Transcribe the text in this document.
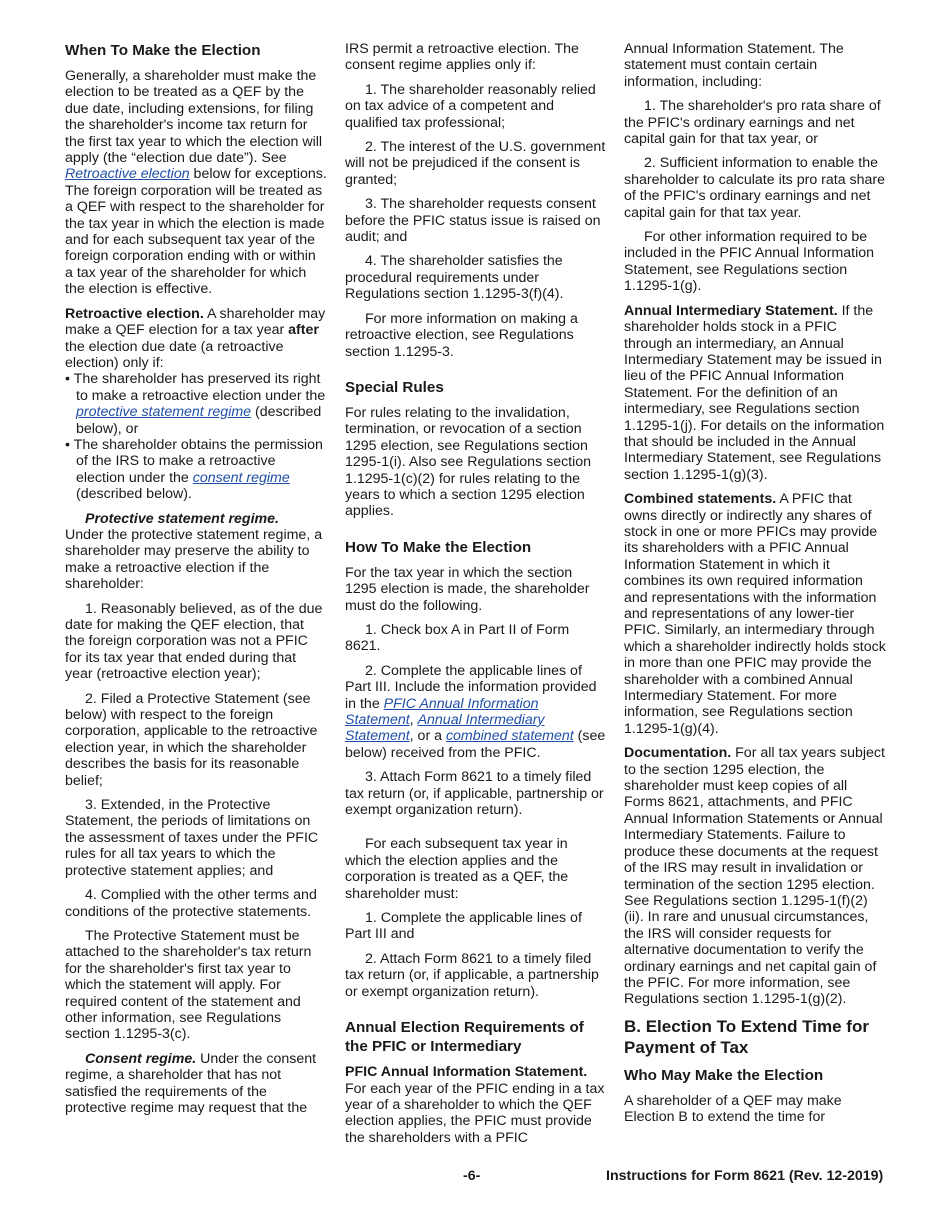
When To Make the Election

Generally, a shareholder must make the election to be treated as a QEF by the due date, including extensions, for filing the shareholder's income tax return for the first tax year to which the election will apply (the “election due date”). See Retroactive election below for exceptions. The foreign corporation will be treated as a QEF with respect to the shareholder for the tax year in which the election is made and for each subsequent tax year of the foreign corporation ending with or within a tax year of the shareholder for which the election is effective.

Retroactive election. A shareholder may make a QEF election for a tax year after the election due date (a retroactive election) only if:

• The shareholder has preserved its right to make a retroactive election under the protective statement regime (described below), or

• The shareholder obtains the permission of the IRS to make a retroactive election under the consent regime (described below).

Protective statement regime.
Under the protective statement regime, a shareholder may preserve the ability to make a retroactive election if the shareholder:

1. Reasonably believed, as of the due date for making the QEF election, that the foreign corporation was not a PFIC for its tax year that ended during that year (retroactive election year);

2. Filed a Protective Statement (see below) with respect to the foreign corporation, applicable to the retroactive election year, in which the shareholder describes the basis for its reasonable belief;

3. Extended, in the Protective Statement, the periods of limitations on the assessment of taxes under the PFIC rules for all tax years to which the protective statement applies; and

4. Complied with the other terms and conditions of the protective statements.

The Protective Statement must be attached to the shareholder's tax return for the shareholder's first tax year to which the statement will apply. For required content of the statement and other information, see Regulations section 1.1295-3(c).

Consent regime. Under the consent regime, a shareholder that has not satisfied the requirements of the protective regime may request that the

IRS permit a retroactive election. The consent regime applies only if:

1. The shareholder reasonably relied on tax advice of a competent and qualified tax professional;

2. The interest of the U.S. government will not be prejudiced if the consent is granted;

3. The shareholder requests consent before the PFIC status issue is raised on audit; and

4. The shareholder satisfies the procedural requirements under Regulations section 1.1295-3(f)(4).

For more information on making a retroactive election, see Regulations section 1.1295-3.

Special Rules

For rules relating to the invalidation, termination, or revocation of a section 1295 election, see Regulations section 1295-1(i). Also see Regulations section 1.1295-1(c)(2) for rules relating to the years to which a section 1295 election applies.

How To Make the Election

For the tax year in which the section 1295 election is made, the shareholder must do the following.

1. Check box A in Part II of Form 8621.

2. Complete the applicable lines of Part III. Include the information provided in the PFIC Annual Information Statement, Annual Intermediary Statement, or a combined statement (see below) received from the PFIC.

3. Attach Form 8621 to a timely filed tax return (or, if applicable, partnership or exempt organization return).

For each subsequent tax year in which the election applies and the corporation is treated as a QEF, the shareholder must:

1. Complete the applicable lines of Part III and

2. Attach Form 8621 to a timely filed tax return (or, if applicable, a partnership or exempt organization return).

Annual Election Requirements of the PFIC or Intermediary

PFIC Annual Information Statement.
For each year of the PFIC ending in a tax year of a shareholder to which the QEF election applies, the PFIC must provide the shareholders with a PFIC

Annual Information Statement. The statement must contain certain information, including:

1. The shareholder's pro rata share of the PFIC's ordinary earnings and net capital gain for that tax year, or

2. Sufficient information to enable the shareholder to calculate its pro rata share of the PFIC's ordinary earnings and net capital gain for that tax year.

For other information required to be included in the PFIC Annual Information Statement, see Regulations section 1.1295-1(g).

Annual Intermediary Statement. If the shareholder holds stock in a PFIC through an intermediary, an Annual Intermediary Statement may be issued in lieu of the PFIC Annual Information Statement. For the definition of an intermediary, see Regulations section 1.1295-1(j). For details on the information that should be included in the Annual Intermediary Statement, see Regulations section 1.1295-1(g)(3).

Combined statements. A PFIC that owns directly or indirectly any shares of stock in one or more PFICs may provide its shareholders with a PFIC Annual Information Statement in which it combines its own required information and representations with the information and representations of any lower-tier PFIC. Similarly, an intermediary through which a shareholder indirectly holds stock in more than one PFIC may provide the shareholder with a combined Annual Intermediary Statement. For more information, see Regulations section 1.1295-1(g)(4).

Documentation. For all tax years subject to the section 1295 election, the shareholder must keep copies of all Forms 8621, attachments, and PFIC Annual Information Statements or Annual Intermediary Statements. Failure to produce these documents at the request of the IRS may result in invalidation or termination of the section 1295 election. See Regulations section 1.1295-1(f)(2)(ii). In rare and unusual circumstances, the IRS will consider requests for alternative documentation to verify the ordinary earnings and net capital gain of the PFIC. For more information, see Regulations section 1.1295-1(g)(2).

B. Election To Extend Time for Payment of Tax

Who May Make the Election

A shareholder of a QEF may make Election B to extend the time for

-6-	Instructions for Form 8621 (Rev. 12-2019)
